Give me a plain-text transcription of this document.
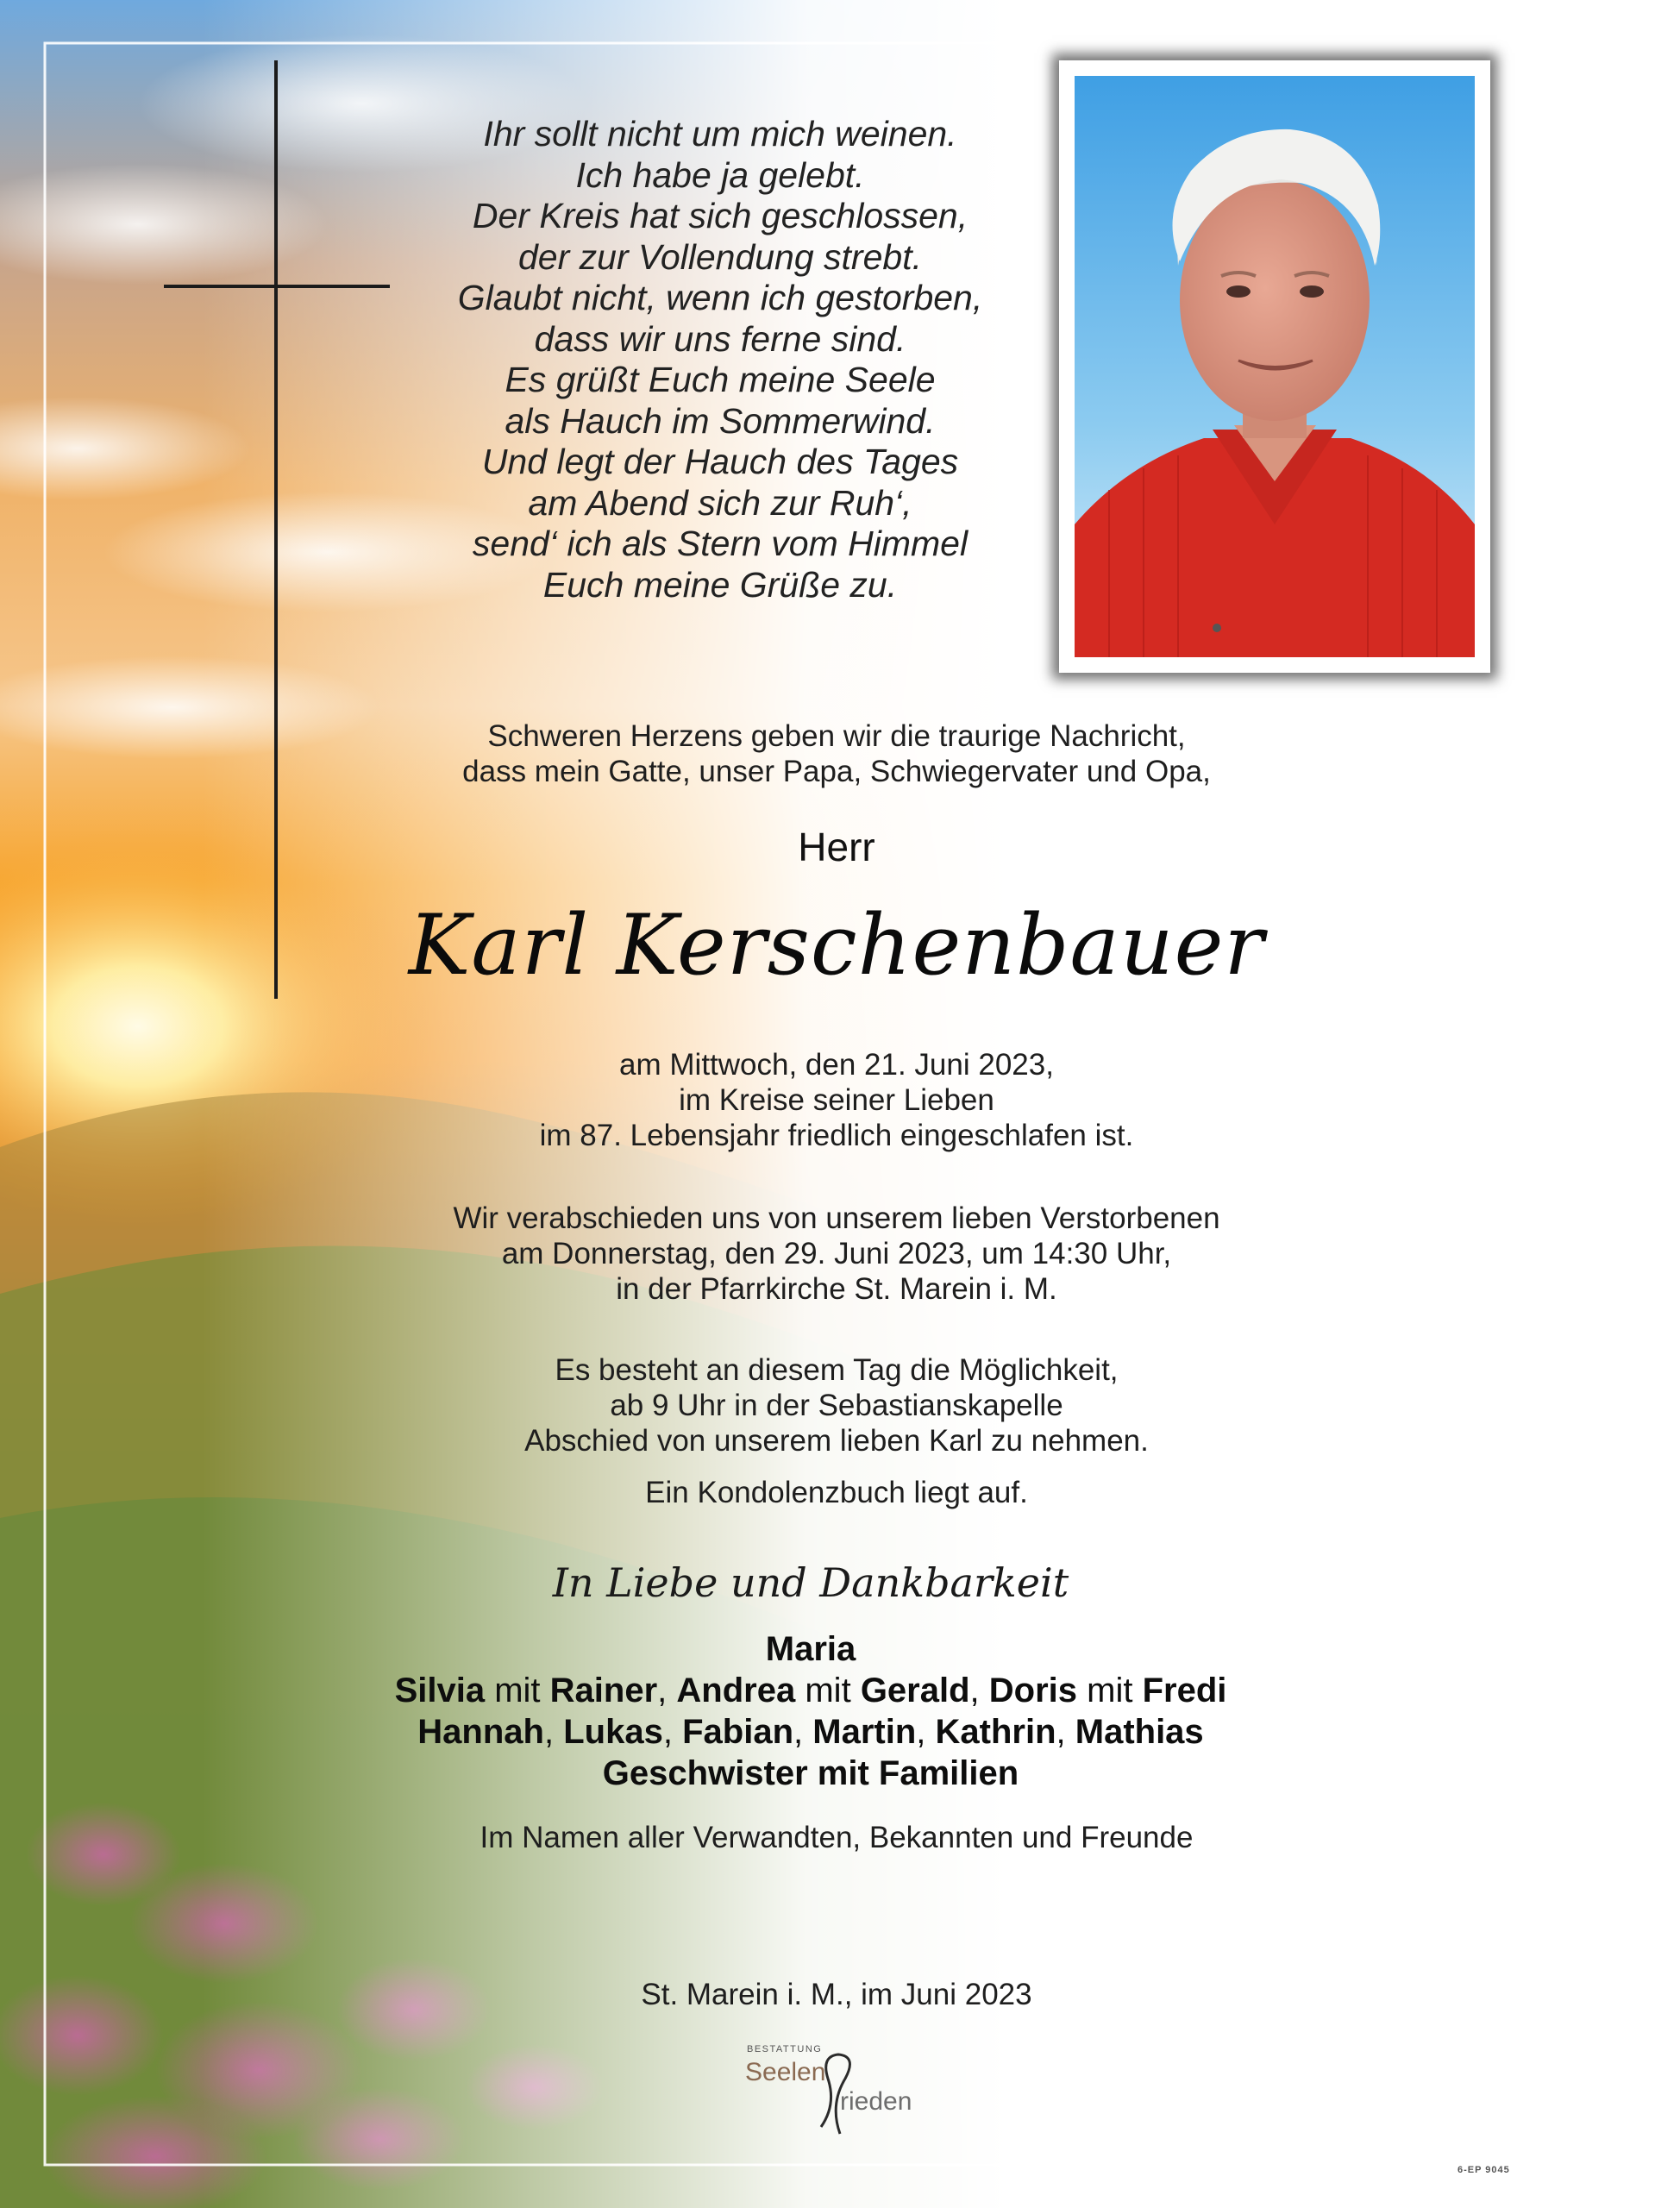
Ihr sollt nicht um mich weinen.
Ich habe ja gelebt.
Der Kreis hat sich geschlossen,
der zur Vollendung strebt.
Glaubt nicht, wenn ich gestorben,
dass wir uns ferne sind.
Es grüßt Euch meine Seele
als Hauch im Sommerwind.
Und legt der Hauch des Tages
am Abend sich zur Ruh‘,
send‘ ich als Stern vom Himmel
Euch meine Grüße zu.
Schweren Herzens geben wir die traurige Nachricht,
dass mein Gatte, unser Papa, Schwiegervater und Opa,
Herr
Karl Kerschenbauer
am Mittwoch, den 21. Juni 2023,
im Kreise seiner Lieben
im 87. Lebensjahr friedlich eingeschlafen ist.
Wir verabschieden uns von unserem lieben Verstorbenen
am Donnerstag, den 29. Juni 2023, um 14:30 Uhr,
in der Pfarrkirche St. Marein i. M.
Es besteht an diesem Tag die Möglichkeit,
ab 9 Uhr in der Sebastianskapelle
Abschied von unserem lieben Karl zu nehmen.
Ein Kondolenzbuch liegt auf.
In Liebe und Dankbarkeit
Maria
Silvia mit Rainer, Andrea mit Gerald, Doris mit Fredi
Hannah, Lukas, Fabian, Martin, Kathrin, Mathias
Geschwister mit Familien
Im Namen aller Verwandten, Bekannten und Freunde
St. Marein i. M., im Juni 2023
BESTATTUNG
Seelen
rieden
6-EP 9045
